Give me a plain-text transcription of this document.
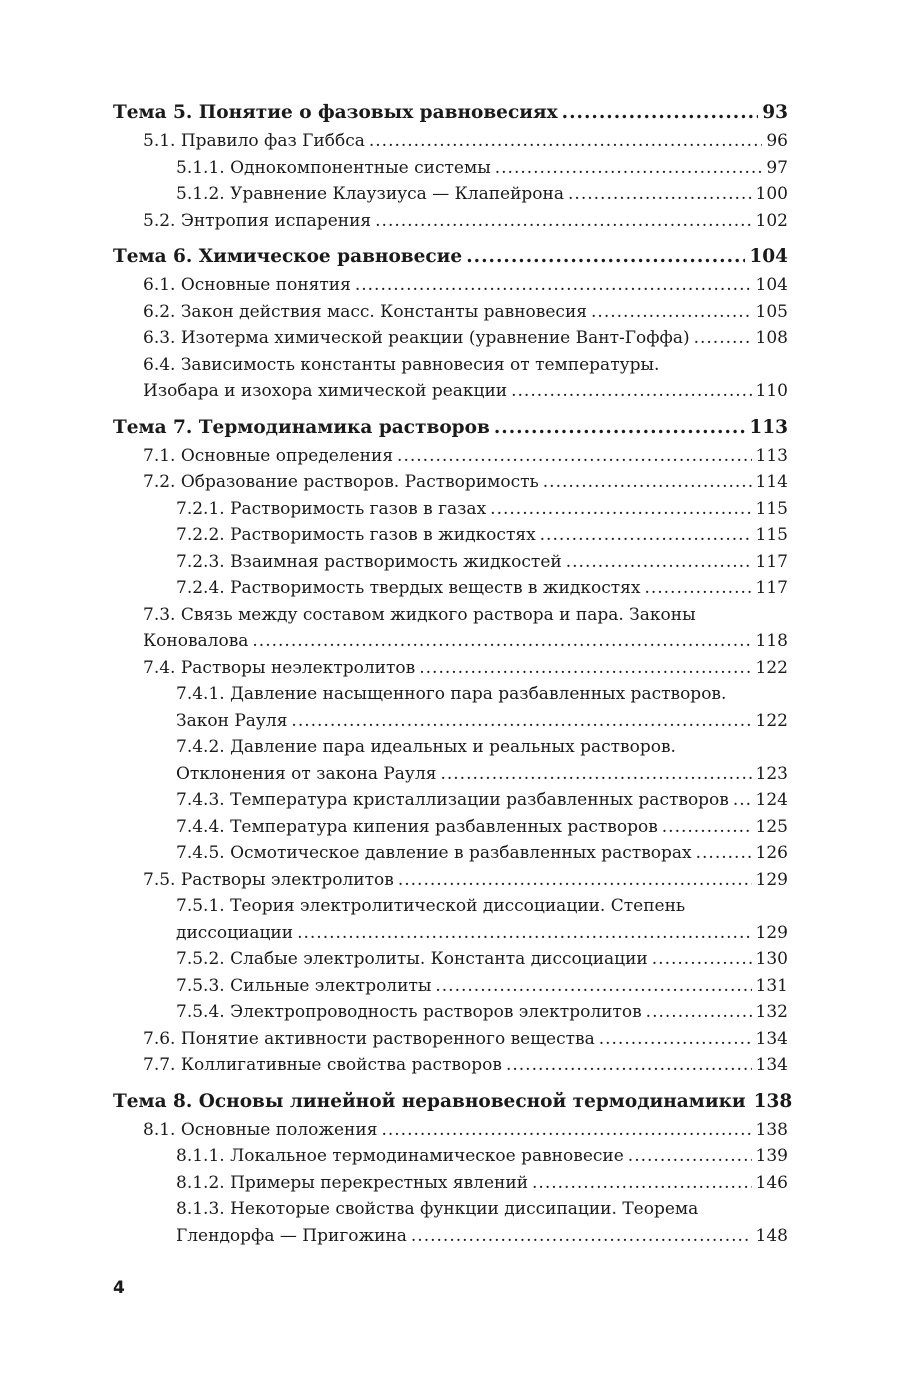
Тема 5. Понятие о фазовых равновесиях .....	93
5.1. Правило фаз Гиббса .....	96
5.1.1. Однокомпонентные системы .....	97
5.1.2. Уравнение Клаузиуса — Клапейрона .....	100
5.2. Энтропия испарения .....	102
Тема 6. Химическое равновесие .....	104
6.1. Основные понятия .....	104
6.2. Закон действия масс. Константы равновесия .....	105
6.3. Изотерма химической реакции (уравнение Вант-Гоффа) .....	108
6.4. Зависимость константы равновесия от температуры.
Изобара и изохора химической реакции .....	110
Тема 7. Термодинамика растворов .....	113
7.1. Основные определения .....	113
7.2. Образование растворов. Растворимость .....	114
7.2.1. Растворимость газов в газах .....	115
7.2.2. Растворимость газов в жидкостях .....	115
7.2.3. Взаимная растворимость жидкостей .....	117
7.2.4. Растворимость твердых веществ в жидкостях .....	117
7.3. Связь между составом жидкого раствора и пара. Законы
Коновалова .....	118
7.4. Растворы неэлектролитов .....	122
7.4.1. Давление насыщенного пара разбавленных растворов.
Закон Рауля .....	122
7.4.2. Давление пара идеальных и реальных растворов.
Отклонения от закона Рауля .....	123
7.4.3. Температура кристаллизации разбавленных растворов ..... 124
7.4.4. Температура кипения разбавленных растворов .....	125
7.4.5. Осмотическое давление в разбавленных растворах .....	126
7.5. Растворы электролитов .....	129
7.5.1. Теория электролитической диссоциации. Степень
диссоциации .....	129
7.5.2. Слабые электролиты. Константа диссоциации .....	130
7.5.3. Сильные электролиты .....	131
7.5.4. Электропроводность растворов электролитов .....	132
7.6. Понятие активности растворенного вещества .....	134
7.7. Коллигативные свойства растворов .....	134
Тема 8. Основы линейной неравновесной термодинамики 138
8.1. Основные положения .....	138
8.1.1. Локальное термодинамическое равновесие .....	139
8.1.2. Примеры перекрестных явлений .....	146
8.1.3. Некоторые свойства функции диссипации. Теорема
Глендорфа — Пригожина .....	148
4
